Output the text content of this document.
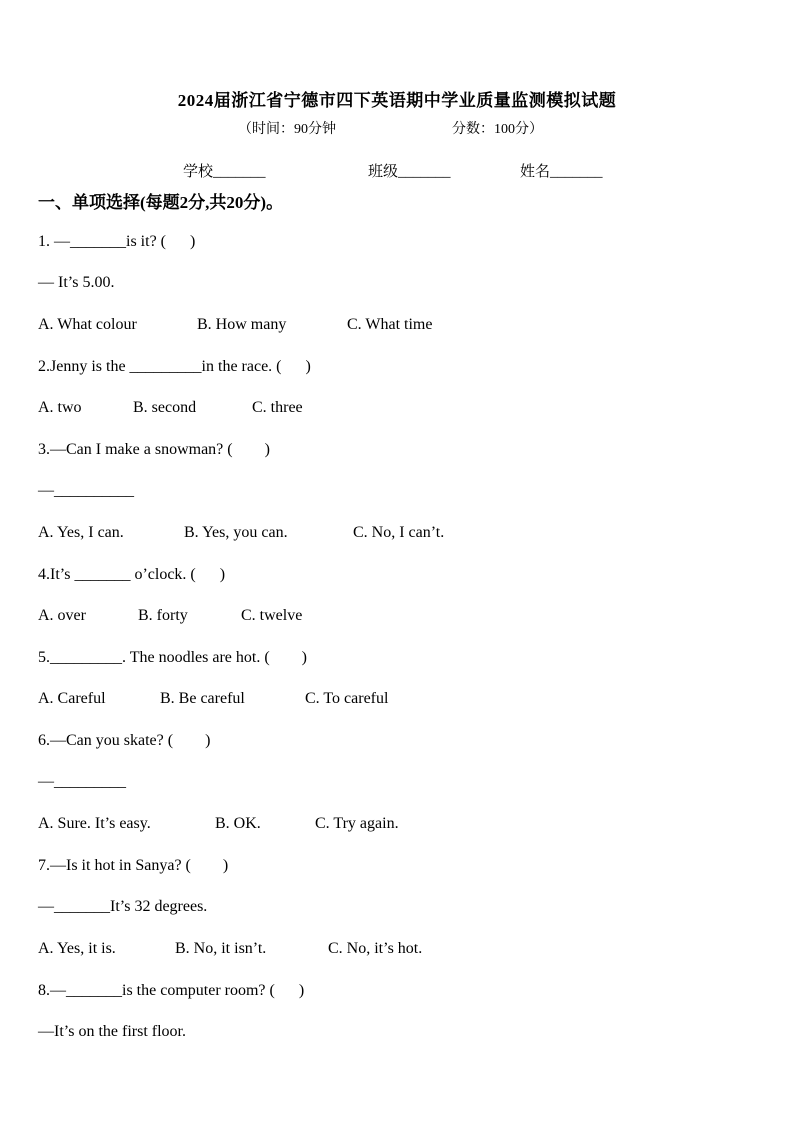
2024届浙江省宁德市四下英语期中学业质量监测模拟试题
（时间：90分钟	分数：100分）
学校_______	班级_______	姓名_______
一、单项选择(每题2分,共20分)。
1. —_______is it? (      )
— It’s 5.00.
A. What colour	B. How many	C. What time
2.Jenny is the _________in the race. (      )
A. two	B. second	C. three
3.—Can I make a snowman? (        )
—__________
A. Yes, I can.	B. Yes, you can.	C. No, I can’t.
4.It’s _______ o’clock. (      )
A. over	B. forty	C. twelve
5._________. The noodles are hot. (        )
A. Careful	B. Be careful	C. To careful
6.—Can you skate? (        )
—_________
A. Sure. It’s easy.	B. OK.	C. Try again.
7.—Is it hot in Sanya? (        )
—_______It’s 32 degrees.
A. Yes, it is.	B. No, it isn’t.	C. No, it’s hot.
8.—_______is the computer room? (      )
—It’s on the first floor.
